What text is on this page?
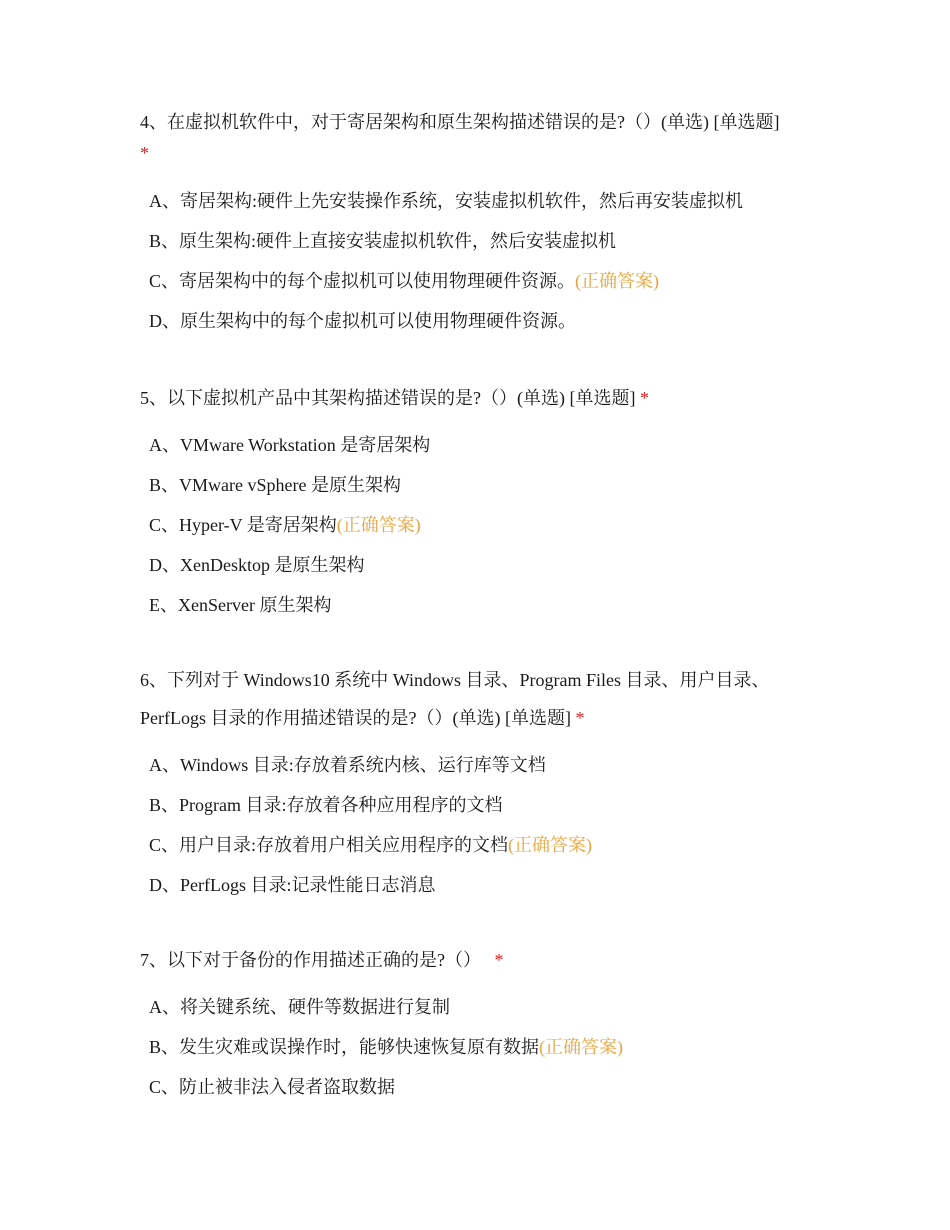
4、在虚拟机软件中，对于寄居架构和原生架构描述错误的是?（）(单选) [单选题]
*

A、寄居架构:硬件上先安装操作系统，安装虚拟机软件，然后再安装虚拟机

B、原生架构:硬件上直接安装虚拟机软件，然后安装虚拟机

C、寄居架构中的每个虚拟机可以使用物理硬件资源。(正确答案)

D、原生架构中的每个虚拟机可以使用物理硬件资源。

5、以下虚拟机产品中其架构描述错误的是?（）(单选) [单选题] *

A、VMware Workstation 是寄居架构

B、VMware vSphere 是原生架构

C、Hyper-V 是寄居架构(正确答案)

D、XenDesktop 是原生架构

E、XenServer 原生架构

6、下列对于 Windows10 系统中 Windows 目录、Program Files 目录、用户目录、PerfLogs 目录的作用描述错误的是?（）(单选) [单选题] *

A、Windows 目录:存放着系统内核、运行库等文档

B、Program 目录:存放着各种应用程序的文档

C、用户目录:存放着用户相关应用程序的文档(正确答案)

D、PerfLogs 目录:记录性能日志消息

7、以下对于备份的作用描述正确的是?（） *

A、将关键系统、硬件等数据进行复制

B、发生灾难或误操作时，能够快速恢复原有数据(正确答案)

C、防止被非法入侵者盗取数据
